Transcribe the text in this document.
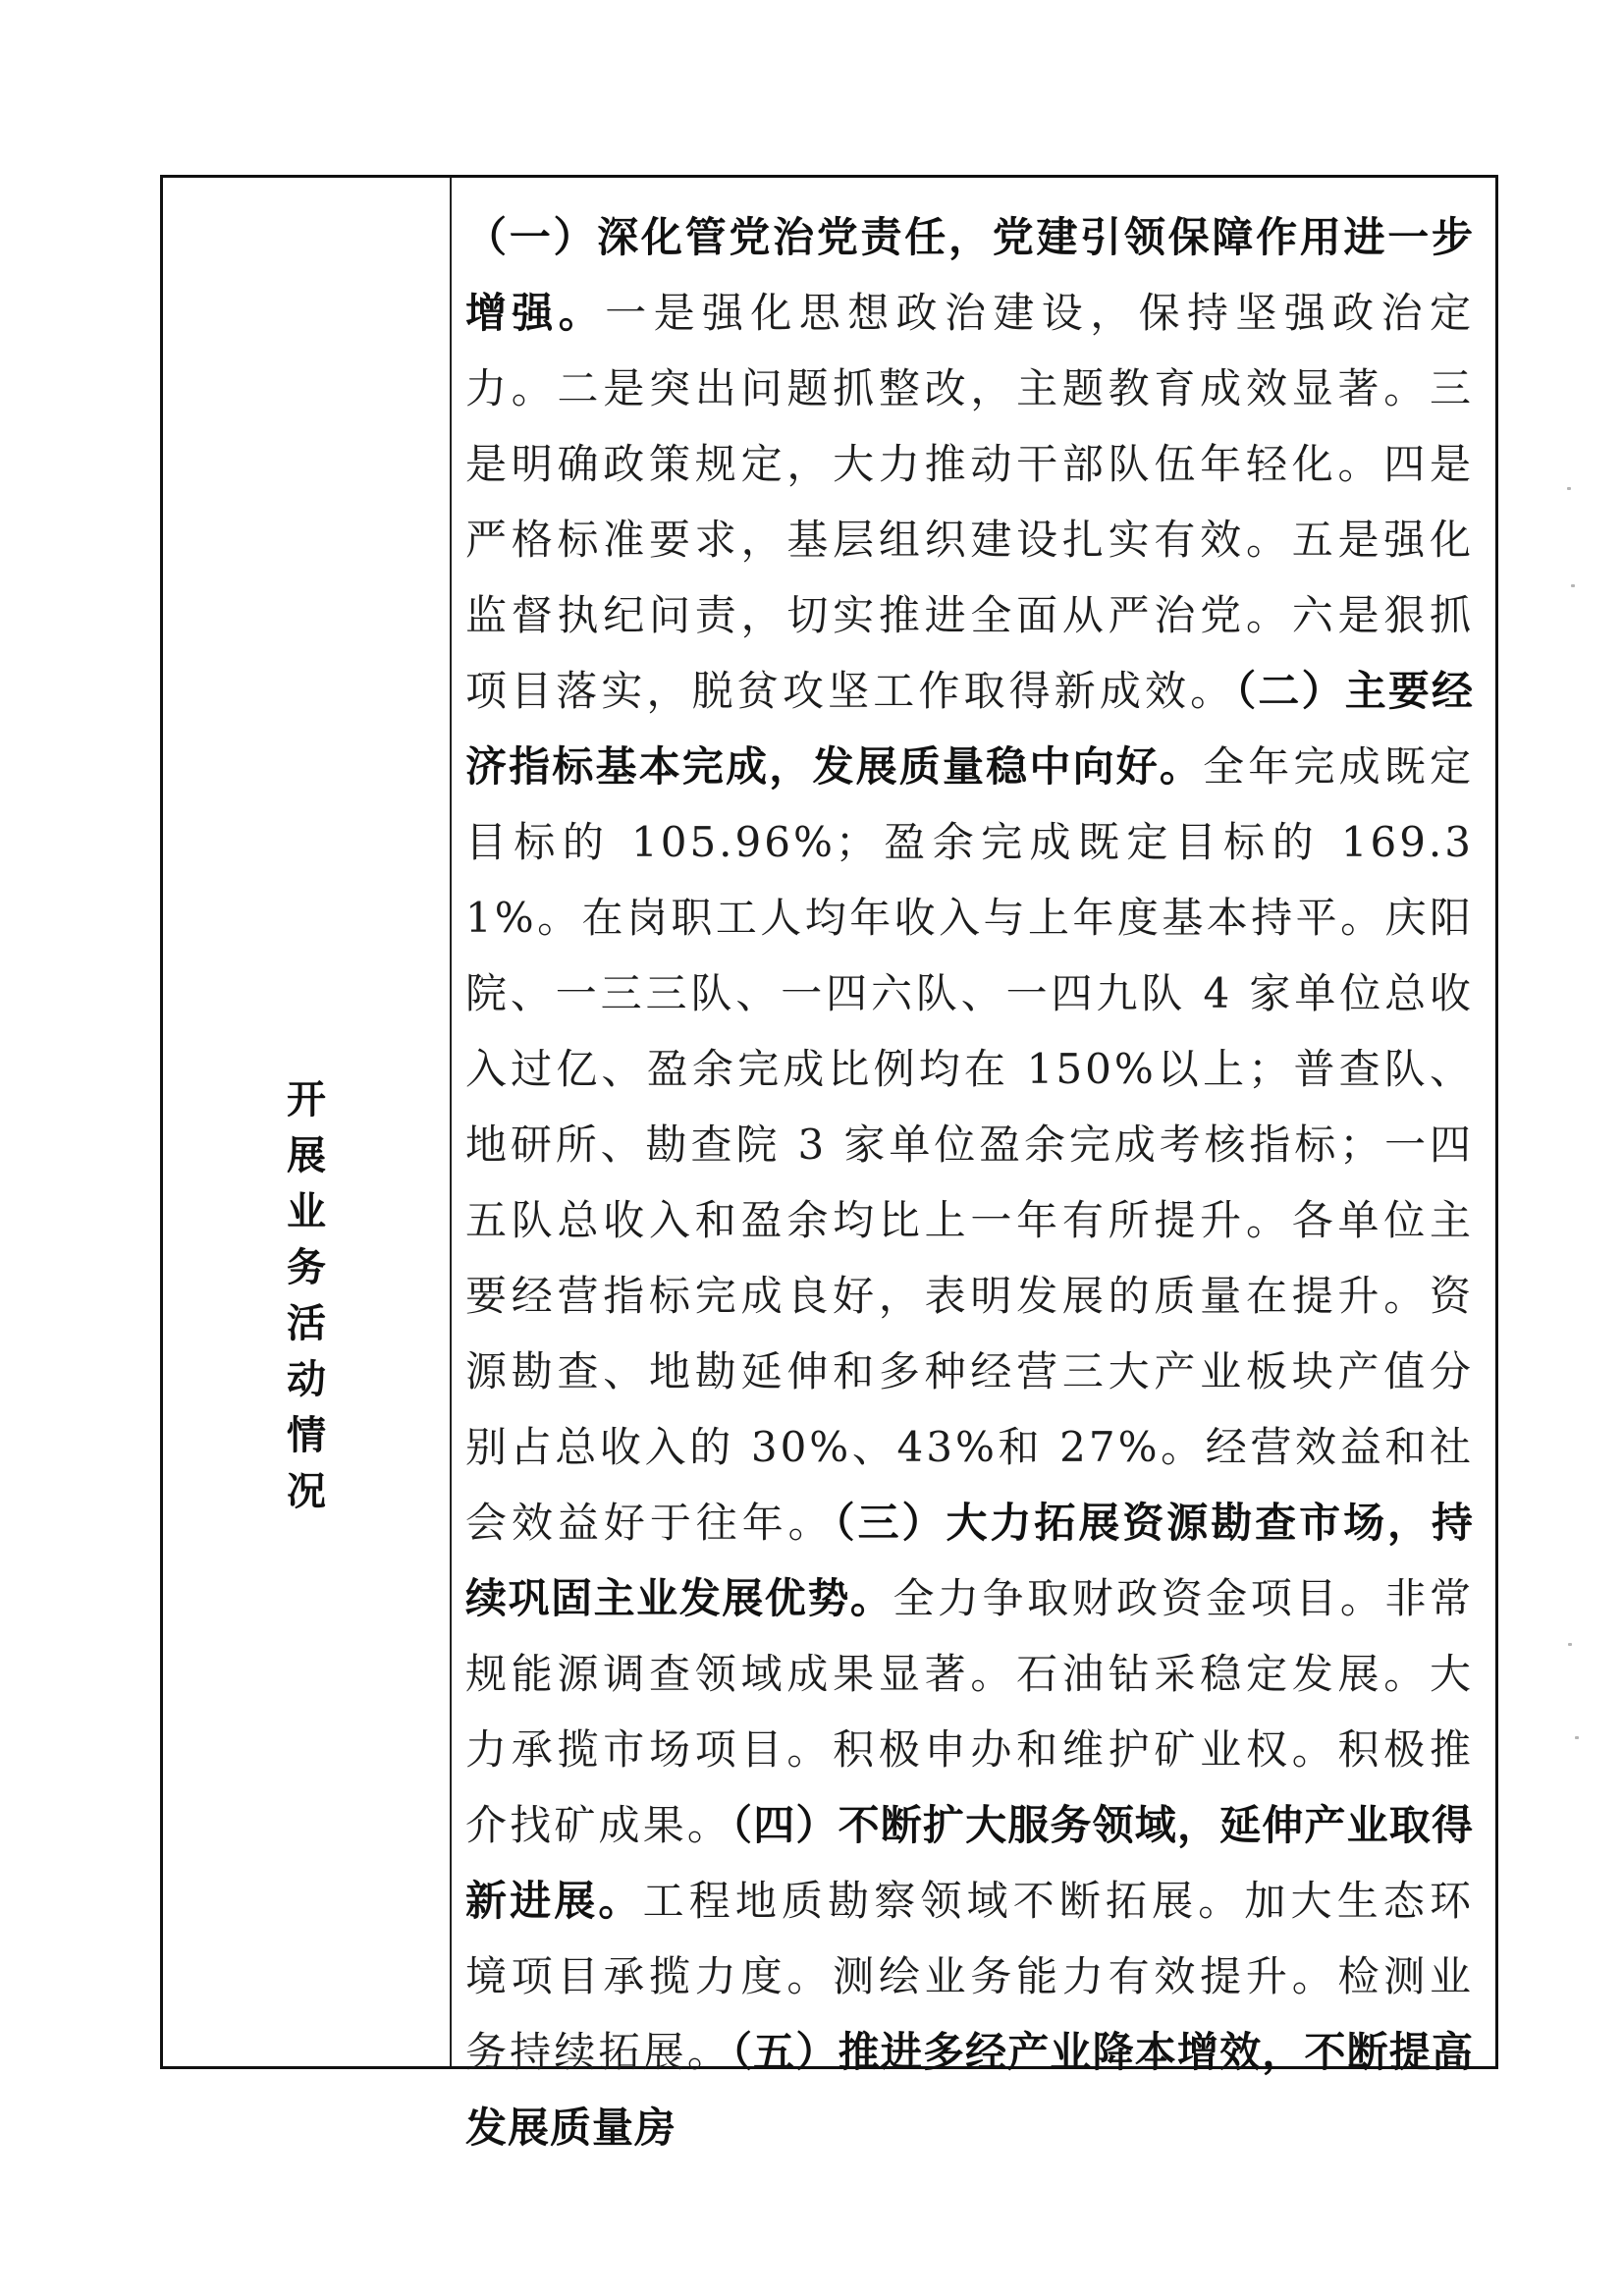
开
展
业
务
活
动
情
况

（一）深化管党治党责任，党建引领保障作用进一步增强。一是强化思想政治建设，保持坚强政治定力。二是突出问题抓整改，主题教育成效显著。三是明确政策规定，大力推动干部队伍年轻化。四是严格标准要求，基层组织建设扎实有效。五是强化监督执纪问责，切实推进全面从严治党。六是狠抓项目落实，脱贫攻坚工作取得新成效。（二）主要经济指标基本完成，发展质量稳中向好。全年完成既定目标的 105.96%；盈余完成既定目标的 169.31%。在岗职工人均年收入与上年度基本持平。庆阳院、一三三队、一四六队、一四九队 4 家单位总收入过亿、盈余完成比例均在 150%以上；普查队、地研所、勘查院 3 家单位盈余完成考核指标；一四五队总收入和盈余均比上一年有所提升。各单位主要经营指标完成良好，表明发展的质量在提升。资源勘查、地勘延伸和多种经营三大产业板块产值分别占总收入的 30%、43%和 27%。经营效益和社会效益好于往年。（三）大力拓展资源勘查市场，持续巩固主业发展优势。全力争取财政资金项目。非常规能源调查领域成果显著。石油钻采稳定发展。大力承揽市场项目。积极申办和维护矿业权。积极推介找矿成果。（四）不断扩大服务领域，延伸产业取得新进展。工程地质勘察领域不断拓展。加大生态环境项目承揽力度。测绘业务能力有效提升。检测业务持续拓展。（五）推进多经产业降本增效，不断提高发展质量房
